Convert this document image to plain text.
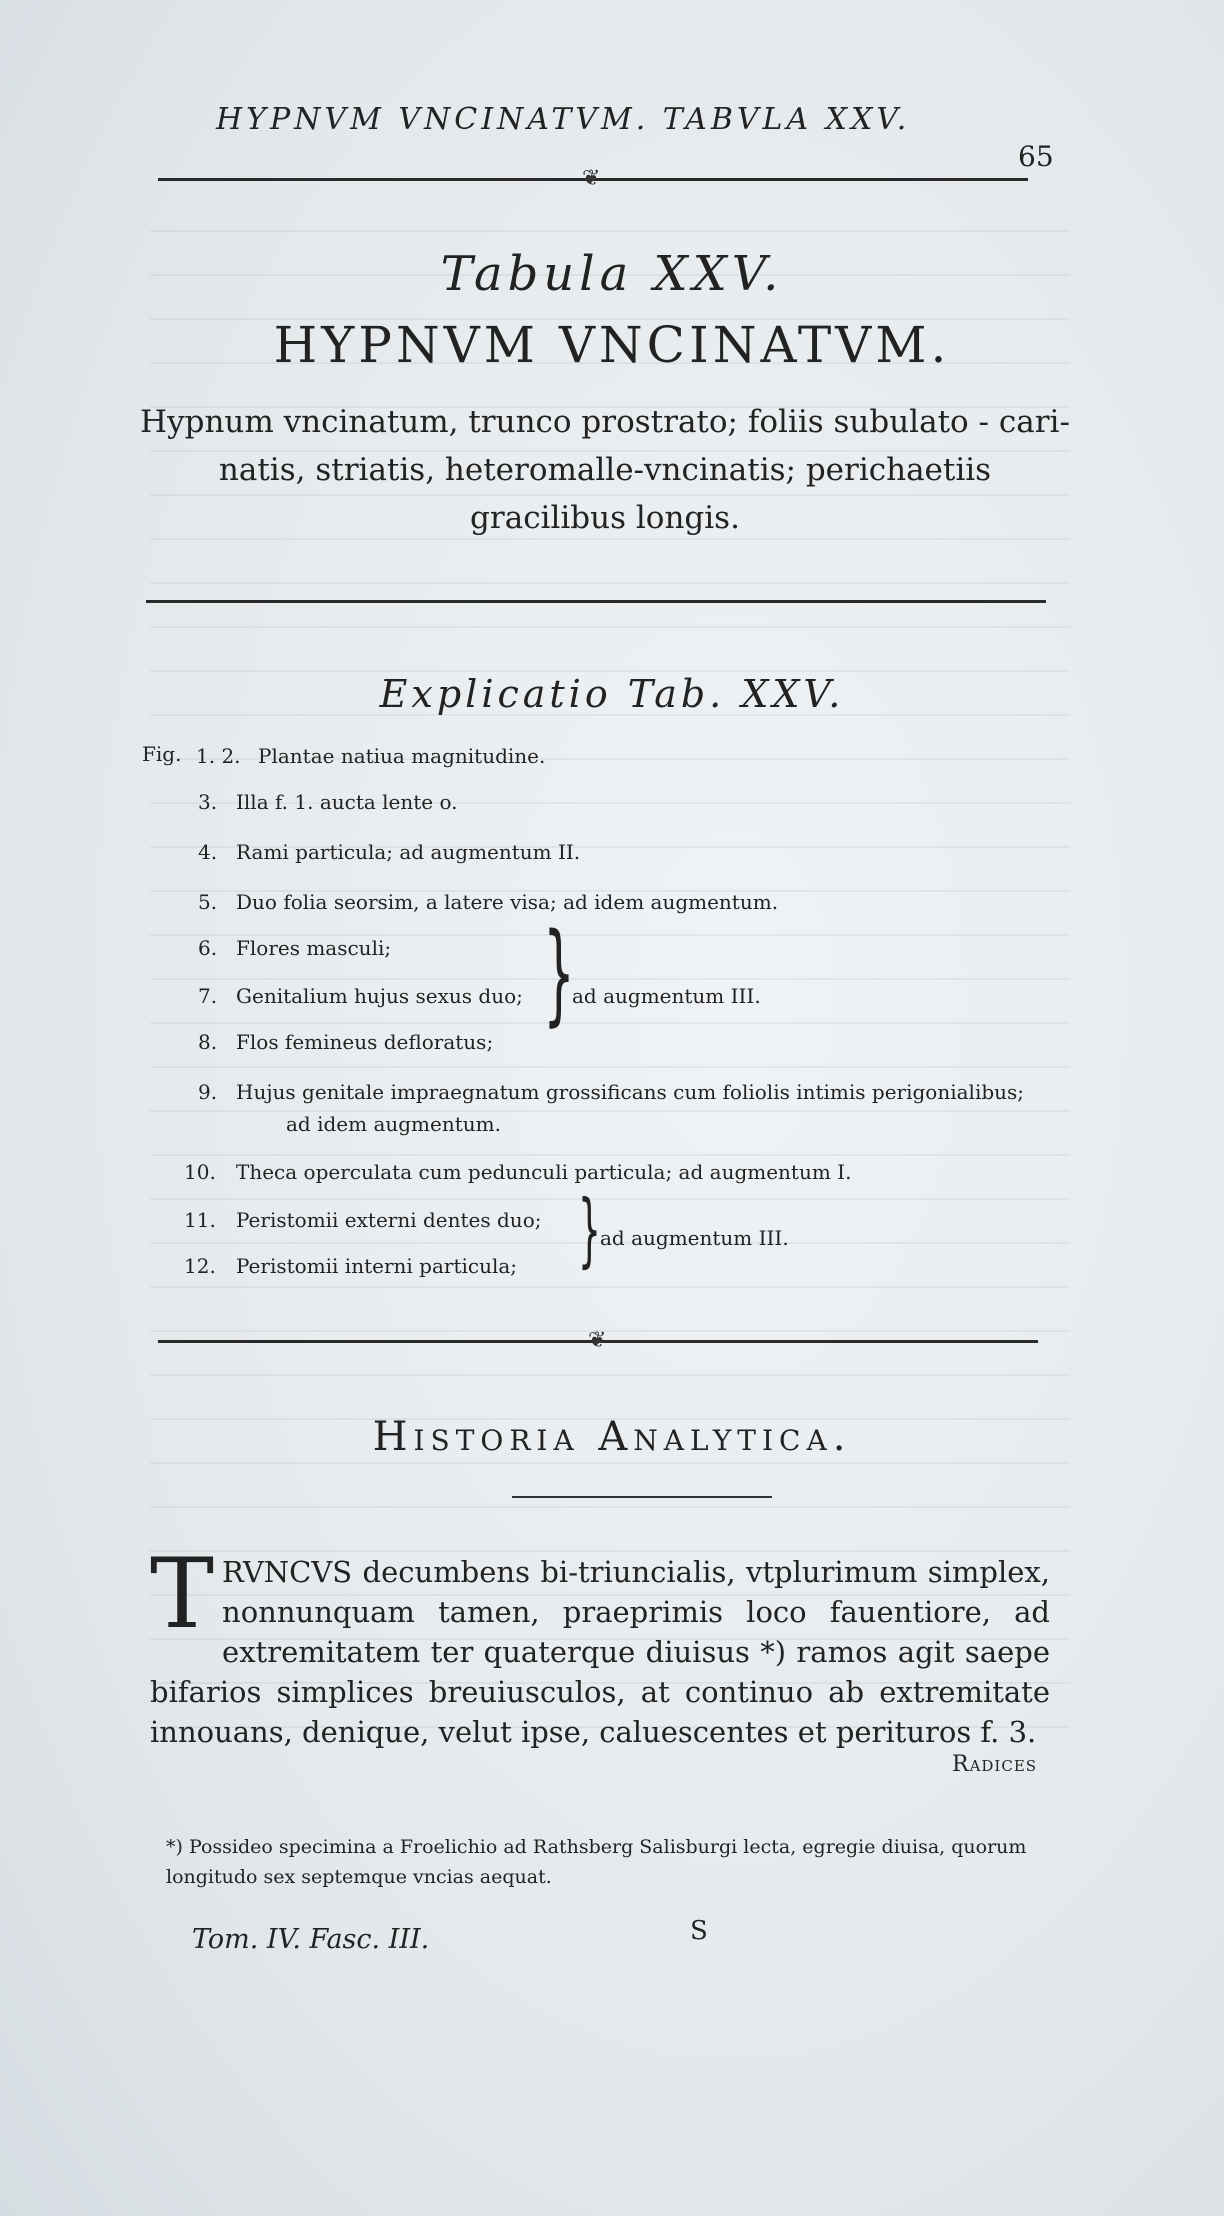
HYPNVM VNCINATVM. TABVLA XXV.
65
❦
Tabula XXV.
HYPNVM VNCINATVM.
Hypnum vncinatum, trunco prostrato; foliis subulato - cari-
natis, striatis, heteromalle-vncinatis; perichaetiis
gracilibus longis.
Explicatio Tab. XXV.
Fig. 1. 2. Plantae natiua magnitudine.
3. Illa f. 1. aucta lente o.
4. Rami particula; ad augmentum II.
5. Duo folia seorsim, a latere visa; ad idem augmentum.
6. Flores masculi;
7. Genitalium hujus sexus duo;
8. Flos femineus defloratus;
}
ad augmentum III.
9. Hujus genitale impraegnatum grossificans cum foliolis intimis perigonialibus;
ad idem augmentum.
10. Theca operculata cum pedunculi particula; ad augmentum I.
11. Peristomii externi dentes duo;
12. Peristomii interni particula; } ad augmentum III.
❦
Historia Analytica.
TRVNCVS decumbens bi-triuncialis, vtplurimum simplex, nonnunquam tamen, praeprimis loco fauentiore, ad extremitatem ter quaterque diuisus *) ramos agit saepe bifarios simplices breuiusculos, at continuo ab extremitate innouans, denique, velut ipse, caluescentes et perituros f. 3.
Radices
*) Possideo specimina a Froelichio ad Rathsberg Salisburgi lecta, egregie diuisa, quorum longitudo sex septemque vncias aequat.
Tom. IV. Fasc. III.	S
